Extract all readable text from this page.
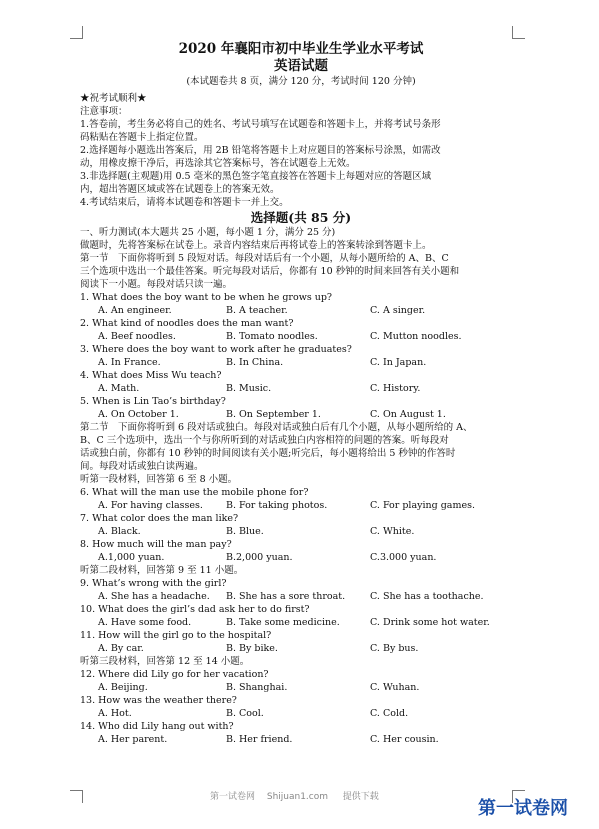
2020 年襄阳市初中毕业生学业水平考试
英语试题
(本试题卷共 8 页，满分 120 分，考试时间 120 分钟)
★祝考试顺利★
注意事项：
1.答卷前，考生务必将自己的姓名、考试号填写在试题卷和答题卡上，并将考试号条形
码粘贴在答题卡上指定位置。
2.选择题每小题选出答案后，用 2B 铅笔将答题卡上对应题目的答案标号涂黑，如需改
动，用橡皮擦干净后，再选涂其它答案标号，答在试题卷上无效。
3.非选择题(主观题)用 0.5 毫米的黑色签字笔直接答在答题卡上每题对应的答题区域
内，超出答题区域或答在试题卷上的答案无效。
4.考试结束后，请将本试题卷和答题卡一并上交。
选择题(共 85 分)
一、听力测试(本大题共 25 小题，每小题 1 分，满分 25 分)
做题时，先将答案标在试卷上。录音内容结束后再将试卷上的答案转涂到答题卡上。
第一节　下面你将听到 5 段短对话。每段对话后有一个小题，从每小题所给的 A、B、C
三个选项中选出一个最佳答案。听完每段对话后，你都有 10 秒钟的时间来回答有关小题和
阅读下一小题。每段对话只读一遍。
1. What does the boy want to be when he grows up?
A. An engineer.	B. A teacher.	C. A singer.
2. What kind of noodles does the man want?
A. Beef noodles.	B. Tomato noodles.	C. Mutton noodles.
3. Where does the boy want to work after he graduates?
A. In France.	B. In China.	C. In Japan.
4. What does Miss Wu teach?
A. Math.	B. Music.	C. History.
5. When is Lin Tao’s birthday?
A. On October 1.	B. On September 1.	C. On August 1.
第二节　下面你将听到 6 段对话或独白。每段对话或独白后有几个小题，从每小题所给的 A、
B、C 三个选项中，选出一个与你所听到的对话或独白内容相符的问题的答案。听每段对
话或独白前，你都有 10 秒钟的时间阅读有关小题;听完后，每小题将给出 5 秒钟的作答时
间。每段对话或独白读两遍。
听第一段材料，回答第 6 至 8 小题。
6. What will the man use the mobile phone for?
A. For having classes.	B. For taking photos.	C. For playing games.
7. What color does the man like?
A. Black.	B. Blue.	C. White.
8. How much will the man pay?
A.1,000 yuan.	B.2,000 yuan.	C.3.000 yuan.
听第二段材料，回答第 9 至 11 小题。
9. What’s wrong with the girl?
A. She has a headache.	B. She has a sore throat.	C. She has a toothache.
10. What does the girl’s dad ask her to do first?
A. Have some food.	B. Take some medicine.	C. Drink some hot water.
11. How will the girl go to the hospital?
A. By car.	B. By bike.	C. By bus.
听第三段材料，回答第 12 至 14 小题。
12. Where did Lily go for her vacation?
A. Beijing.	B. Shanghai.	C. Wuhan.
13. How was the weather there?
A. Hot.	B. Cool.	C. Cold.
14. Who did Lily hang out with?
A. Her parent.	B. Her friend.	C. Her cousin.
第一试卷网　 Shijuan1.com 　 提供下载
第一试卷网
